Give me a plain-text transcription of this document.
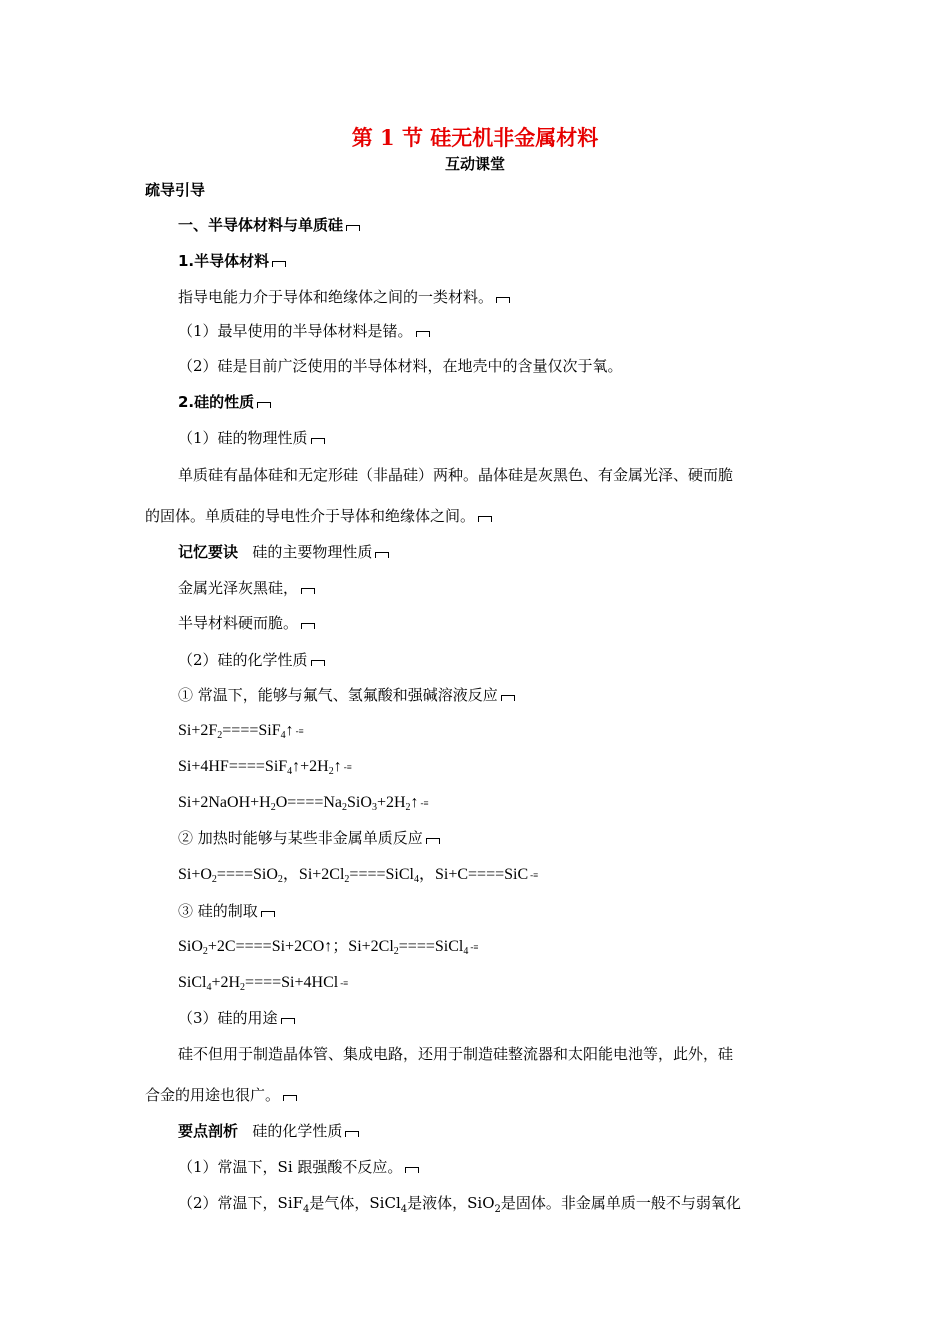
第 1 节 硅无机非金属材料
互动课堂
疏导引导
一、半导体材料与单质硅
1.半导体材料
指导电能力介于导体和绝缘体之间的一类材料。
（1）最早使用的半导体材料是锗。
（2）硅是目前广泛使用的半导体材料，在地壳中的含量仅次于氧。
2.硅的性质
（1）硅的物理性质
单质硅有晶体硅和无定形硅（非晶硅）两种。晶体硅是灰黑色、有金属光泽、硬而脆
的固体。单质硅的导电性介于导体和绝缘体之间。
记忆要诀 硅的主要物理性质
金属光泽灰黑硅，
半导材料硬而脆。
（2）硅的化学性质
① 常温下，能够与氟气、氢氟酸和强碱溶液反应
$Si+2F_2====SiF_4↑$ -≡
$Si+4HF====SiF_4↑+2H_2↑$ -≡
$Si+2NaOH+H_2O====Na_2SiO_3+2H_2↑$ -≡
② 加热时能够与某些非金属单质反应
$Si+O_2====SiO_2$，$Si+2Cl_2====SiCl_4$，Si+C====SiC -≡
③ 硅的制取
SiO$_2$+2C====Si+2CO↑；$Si+2Cl_2====SiCl_4$ -≡
$SiCl_4+2H_2====Si+4HCl$ -≡
（3）硅的用途
硅不但用于制造晶体管、集成电路，还用于制造硅整流器和太阳能电池等，此外，硅
合金的用途也很广。
要点剖析 硅的化学性质
（1）常温下，Si 跟强酸不反应。
（2）常温下，SiF$_4$是气体，SiCl$_4$是液体，SiO$_2$是固体。非金属单质一般不与弱氧化
